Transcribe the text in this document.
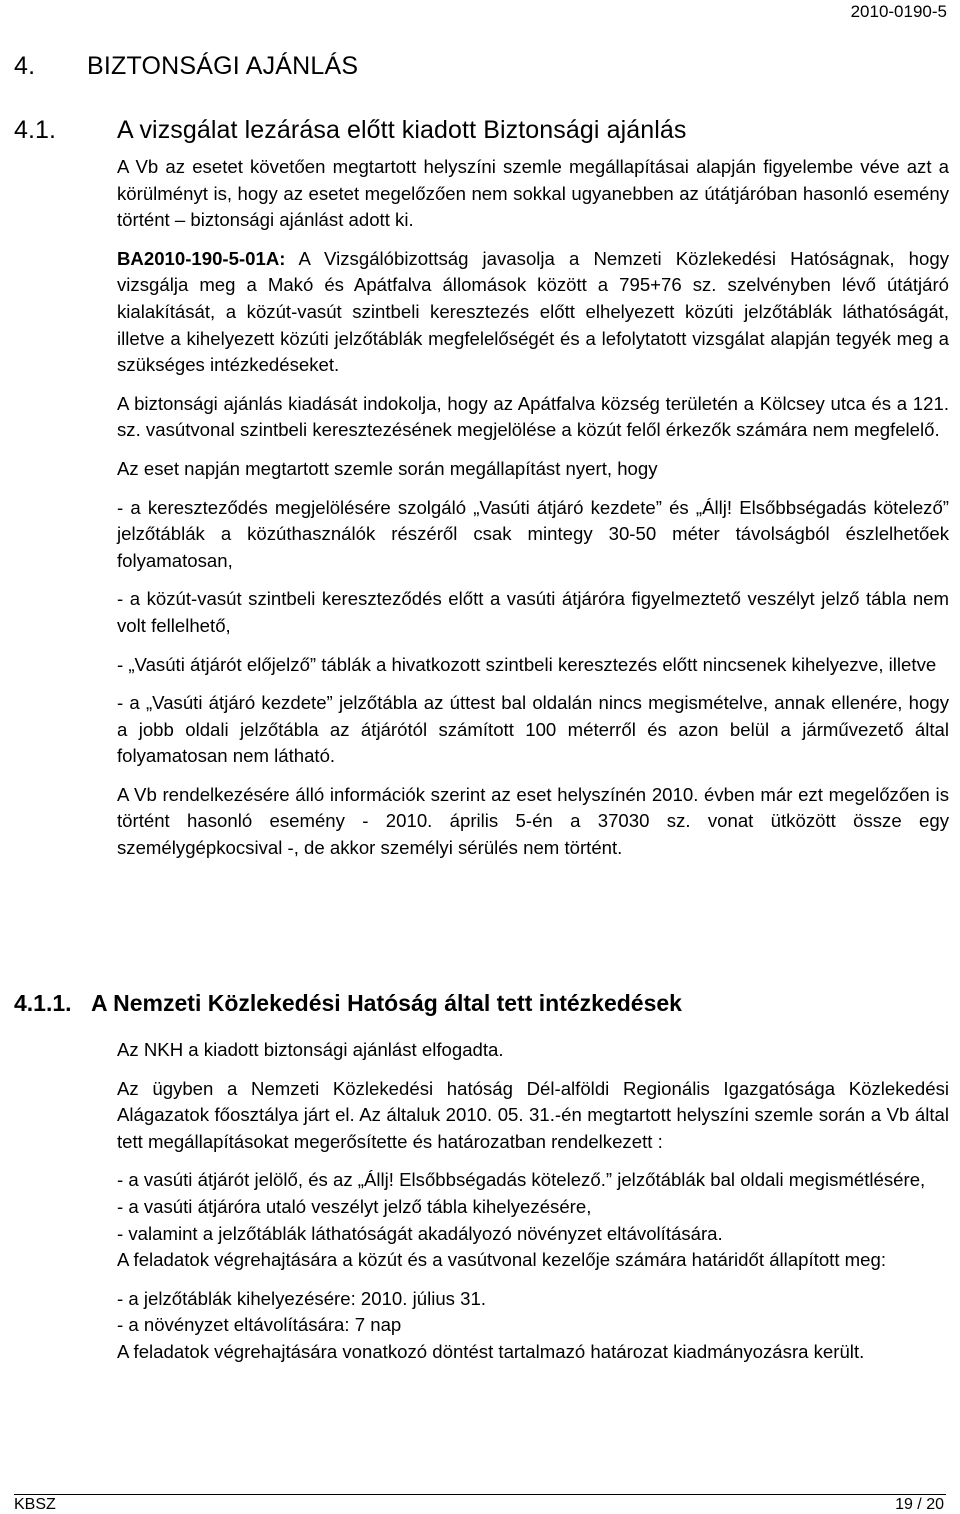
2010-0190-5
4. BIZTONSÁGI AJÁNLÁS
4.1. A vizsgálat lezárása előtt kiadott Biztonsági ajánlás

A Vb az esetet követően megtartott helyszíni szemle megállapításai alapján figyelembe véve azt a körülményt is, hogy az esetet megelőzően nem sokkal ugyanebben az útátjáróban hasonló esemény történt – biztonsági ajánlást adott ki.

BA2010-190-5-01A: A Vizsgálóbizottság javasolja a Nemzeti Közlekedési Hatóságnak, hogy vizsgálja meg a Makó és Apátfalva állomások között a 795+76 sz. szelvényben lévő útátjáró kialakítását, a közút-vasút szintbeli keresztezés előtt elhelyezett közúti jelzőtáblák láthatóságát, illetve a kihelyezett közúti jelzőtáblák megfelelőségét és a lefolytatott vizsgálat alapján tegyék meg a szükséges intézkedéseket.

A biztonsági ajánlás kiadását indokolja, hogy az Apátfalva község területén a Kölcsey utca és a 121. sz. vasútvonal szintbeli keresztezésének megjelölése a közút felől érkezők számára nem megfelelő.

Az eset napján megtartott szemle során megállapítást nyert, hogy

- a kereszteződés megjelölésére szolgáló „Vasúti átjáró kezdete” és „Állj! Elsőbbségadás kötelező” jelzőtáblák a közúthasználók részéről csak mintegy 30-50 méter távolságból észlelhetőek folyamatosan,

- a közút-vasút szintbeli kereszteződés előtt a vasúti átjáróra figyelmeztető veszélyt jelző tábla nem volt fellelhető,

- „Vasúti átjárót előjelző” táblák a hivatkozott szintbeli keresztezés előtt nincsenek kihelyezve, illetve

- a „Vasúti átjáró kezdete” jelzőtábla az úttest bal oldalán nincs megismételve, annak ellenére, hogy a jobb oldali jelzőtábla az átjárótól számított 100 méterről és azon belül a járművezető által folyamatosan nem látható.

A Vb rendelkezésére álló információk szerint az eset helyszínén 2010. évben már ezt megelőzően is történt hasonló esemény - 2010. április 5-én a 37030 sz. vonat ütközött össze egy személygépkocsival -, de akkor személyi sérülés nem történt.

4.1.1. A Nemzeti Közlekedési Hatóság által tett intézkedések

Az NKH a kiadott biztonsági ajánlást elfogadta.

Az ügyben a Nemzeti Közlekedési hatóság Dél-alföldi Regionális Igazgatósága Közlekedési Alágazatok főosztálya járt el. Az általuk 2010. 05. 31.-én megtartott helyszíni szemle során a Vb által tett megállapításokat megerősítette és határozatban rendelkezett :

- a vasúti átjárót jelölő, és az „Állj! Elsőbbségadás kötelező.” jelzőtáblák bal oldali megismétlésére,

- a vasúti átjáróra utaló veszélyt jelző tábla kihelyezésére,

- valamint a jelzőtáblák láthatóságát akadályozó növényzet eltávolítására.

A feladatok végrehajtására a közút és a vasútvonal kezelője számára határidőt állapított meg:

- a jelzőtáblák kihelyezésére: 2010. július 31.

- a növényzet eltávolítására: 7 nap

A feladatok végrehajtására vonatkozó döntést tartalmazó határozat kiadmányozásra került.

KBSZ	19 / 20
